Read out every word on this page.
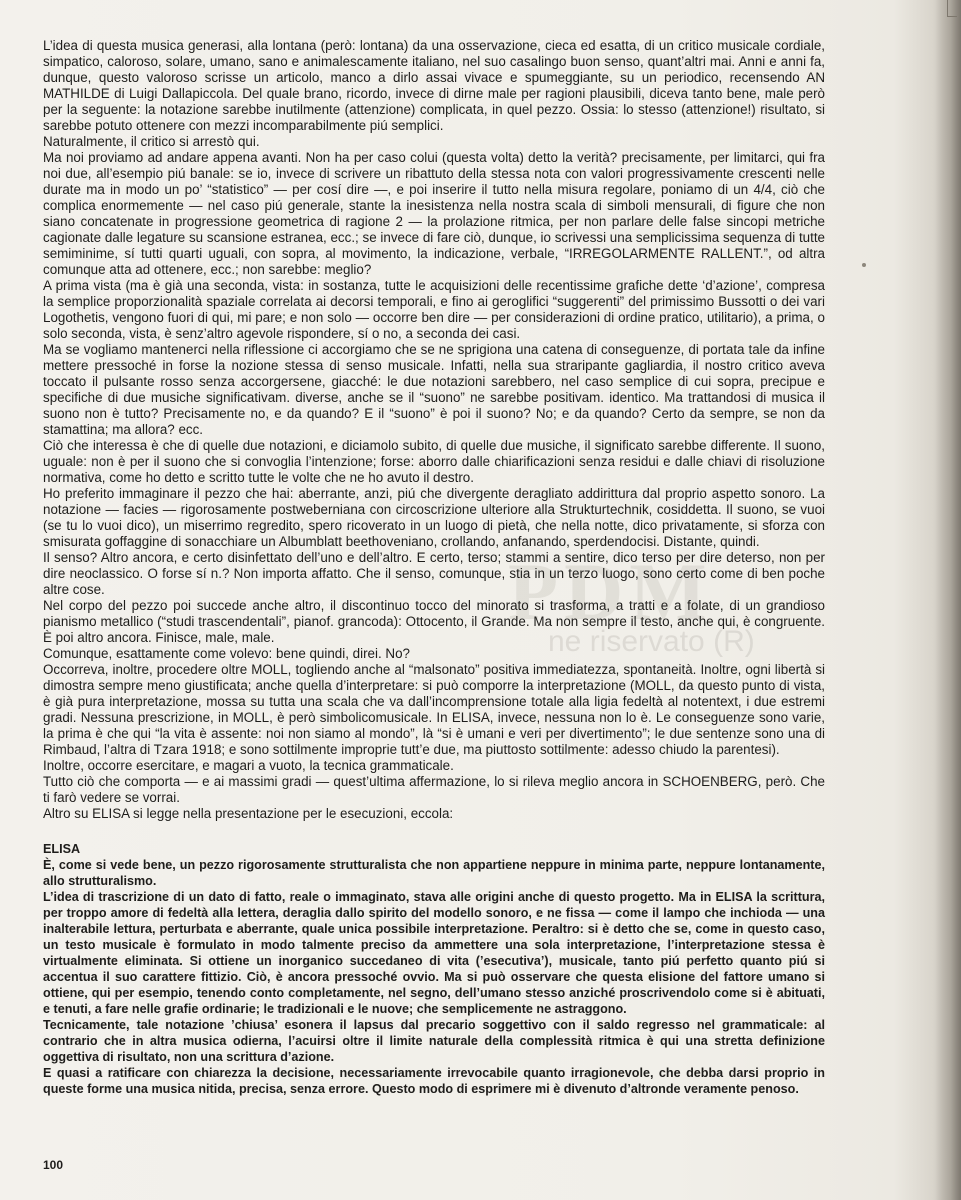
PDM
ne riservato (R)

L’idea di questa musica generasi, alla lontana (però: lontana) da una osservazione, cieca ed esatta, di un critico musicale cordiale, simpatico, caloroso, solare, umano, sano e animalescamente italiano, nel suo casalingo buon senso, quant’altri mai. Anni e anni fa, dunque, questo valoroso scrisse un articolo, manco a dirlo assai vivace e spumeggiante, su un periodico, recensendo AN MATHILDE di Luigi Dallapiccola. Del quale brano, ricordo, invece di dirne male per ragioni plausibili, diceva tanto bene, male però per la seguente: la notazione sarebbe inutilmente (attenzione) complicata, in quel pezzo. Ossia: lo stesso (attenzione!) risultato, si sarebbe potuto ottenere con mezzi incomparabilmente piú semplici.

Naturalmente, il critico si arrestò qui.

Ma noi proviamo ad andare appena avanti. Non ha per caso colui (questa volta) detto la verità? precisamente, per limitarci, qui fra noi due, all’esempio piú banale: se io, invece di scrivere un ribattuto della stessa nota con valori progressivamente crescenti nelle durate ma in modo un po’ “statistico” — per cosí dire —, e poi inserire il tutto nella misura regolare, poniamo di un 4/4, ciò che complica enormemente — nel caso piú generale, stante la inesistenza nella nostra scala di simboli mensurali, di figure che non siano concatenate in progressione geometrica di ragione 2 — la prolazione ritmica, per non parlare delle false sincopi metriche cagionate dalle legature su scansione estranea, ecc.; se invece di fare ciò, dunque, io scrivessi una semplicissima sequenza di tutte semiminime, sí tutti quarti uguali, con sopra, al movimento, la indicazione, verbale, “IRREGOLARMENTE RALLENT.”, od altra comunque atta ad ottenere, ecc.; non sarebbe: meglio?

A prima vista (ma è già una seconda, vista: in sostanza, tutte le acquisizioni delle recentissime grafiche dette ‘d’azione’, compresa la semplice proporzionalità spaziale correlata ai decorsi temporali, e fino ai geroglifici “suggerenti” del primissimo Bussotti o dei vari Logothetis, vengono fuori di qui, mi pare; e non solo — occorre ben dire — per considerazioni di ordine pratico, utilitario), a prima, o solo seconda, vista, è senz’altro agevole rispondere, sí o no, a seconda dei casi.

Ma se vogliamo mantenerci nella riflessione ci accorgiamo che se ne sprigiona una catena di conseguenze, di portata tale da infine mettere pressoché in forse la nozione stessa di senso musicale. Infatti, nella sua straripante gagliardia, il nostro critico aveva toccato il pulsante rosso senza accorgersene, giacché: le due notazioni sarebbero, nel caso semplice di cui sopra, precipue e specifiche di due musiche significativam. diverse, anche se il “suono” ne sarebbe positivam. identico. Ma trattandosi di musica il suono non è tutto? Precisamente no, e da quando? E il “suono” è poi il suono? No; e da quando? Certo da sempre, se non da stamattina; ma allora? ecc.

Ciò che interessa è che di quelle due notazioni, e diciamolo subito, di quelle due musiche, il significato sarebbe differente. Il suono, uguale: non è per il suono che si convoglia l’intenzione; forse: aborro dalle chiarificazioni senza residui e dalle chiavi di risoluzione normativa, come ho detto e scritto tutte le volte che ne ho avuto il destro.

Ho preferito immaginare il pezzo che hai: aberrante, anzi, piú che divergente deragliato addirittura dal proprio aspetto sonoro. La notazione — facies — rigorosamente postweberniana con circoscrizione ulteriore alla Strukturtechnik, cosiddetta. Il suono, se vuoi (se tu lo vuoi dico), un miserrimo regredito, spero ricoverato in un luogo di pietà, che nella notte, dico privatamente, si sforza con smisurata goffaggine di sonacchiare un Albumblatt beethoveniano, crollando, anfanando, sperdendocisi. Distante, quindi.

Il senso? Altro ancora, e certo disinfettato dell’uno e dell’altro. E certo, terso; stammi a sentire, dico terso per dire deterso, non per dire neoclassico. O forse sí n.? Non importa affatto. Che il senso, comunque, stia in un terzo luogo, sono certo come di ben poche altre cose.

Nel corpo del pezzo poi succede anche altro, il discontinuo tocco del minorato si trasforma, a tratti e a folate, di un grandioso pianismo metallico (“studi trascendentali”, pianof. grancoda): Ottocento, il Grande. Ma non sempre il testo, anche qui, è congruente. È poi altro ancora. Finisce, male, male.

Comunque, esattamente come volevo: bene quindi, direi. No?

Occorreva, inoltre, procedere oltre MOLL, togliendo anche al “malsonato” positiva immediatezza, spontaneità. Inoltre, ogni libertà si dimostra sempre meno giustificata; anche quella d’interpretare: si può comporre la interpretazione (MOLL, da questo punto di vista, è già pura interpretazione, mossa su tutta una scala che va dall’incomprensione totale alla ligia fedeltà al notentext, i due estremi gradi. Nessuna prescrizione, in MOLL, è però simbolicomusicale. In ELISA, invece, nessuna non lo è. Le conseguenze sono varie, la prima è che qui “la vita è assente: noi non siamo al mondo”, là “si è umani e veri per divertimento”; le due sentenze sono una di Rimbaud, l’altra di Tzara 1918; e sono sottilmente improprie tutt’e due, ma piuttosto sottilmente: adesso chiudo la parentesi).

Inoltre, occorre esercitare, e magari a vuoto, la tecnica grammaticale.

Tutto ciò che comporta — e ai massimi gradi — quest’ultima affermazione, lo si rileva meglio ancora in SCHOENBERG, però. Che ti farò vedere se vorrai.

Altro su ELISA si legge nella presentazione per le esecuzioni, eccola:

ELISA

È, come si vede bene, un pezzo rigorosamente strutturalista che non appartiene neppure in minima parte, neppure lontanamente, allo strutturalismo.

L’idea di trascrizione di un dato di fatto, reale o immaginato, stava alle origini anche di questo progetto. Ma in ELISA la scrittura, per troppo amore di fedeltà alla lettera, deraglia dallo spirito del modello sonoro, e ne fissa — come il lampo che inchioda — una inalterabile lettura, perturbata e aberrante, quale unica possibile interpretazione. Peraltro: si è detto che se, come in questo caso, un testo musicale è formulato in modo talmente preciso da ammettere una sola interpretazione, l’interpretazione stessa è virtualmente eliminata. Si ottiene un inorganico succedaneo di vita (’esecutiva’), musicale, tanto piú perfetto quanto piú si accentua il suo carattere fittizio. Ciò, è ancora pressoché ovvio. Ma si può osservare che questa elisione del fattore umano si ottiene, qui per esempio, tenendo conto completamente, nel segno, dell’umano stesso anziché proscrivendolo come si è abituati, e tenuti, a fare nelle grafie ordinarie; le tradizionali e le nuove; che semplicemente ne astraggono.

Tecnicamente, tale notazione ’chiusa’ esonera il lapsus dal precario soggettivo con il saldo regresso nel grammaticale: al contrario che in altra musica odierna, l’acuirsi oltre il limite naturale della complessità ritmica è qui una stretta definizione oggettiva di risultato, non una scrittura d’azione.

E quasi a ratificare con chiarezza la decisione, necessariamente irrevocabile quanto irragionevole, che debba darsi proprio in queste forme una musica nitida, precisa, senza errore. Questo modo di esprimere mi è divenuto d’altronde veramente penoso.

100
